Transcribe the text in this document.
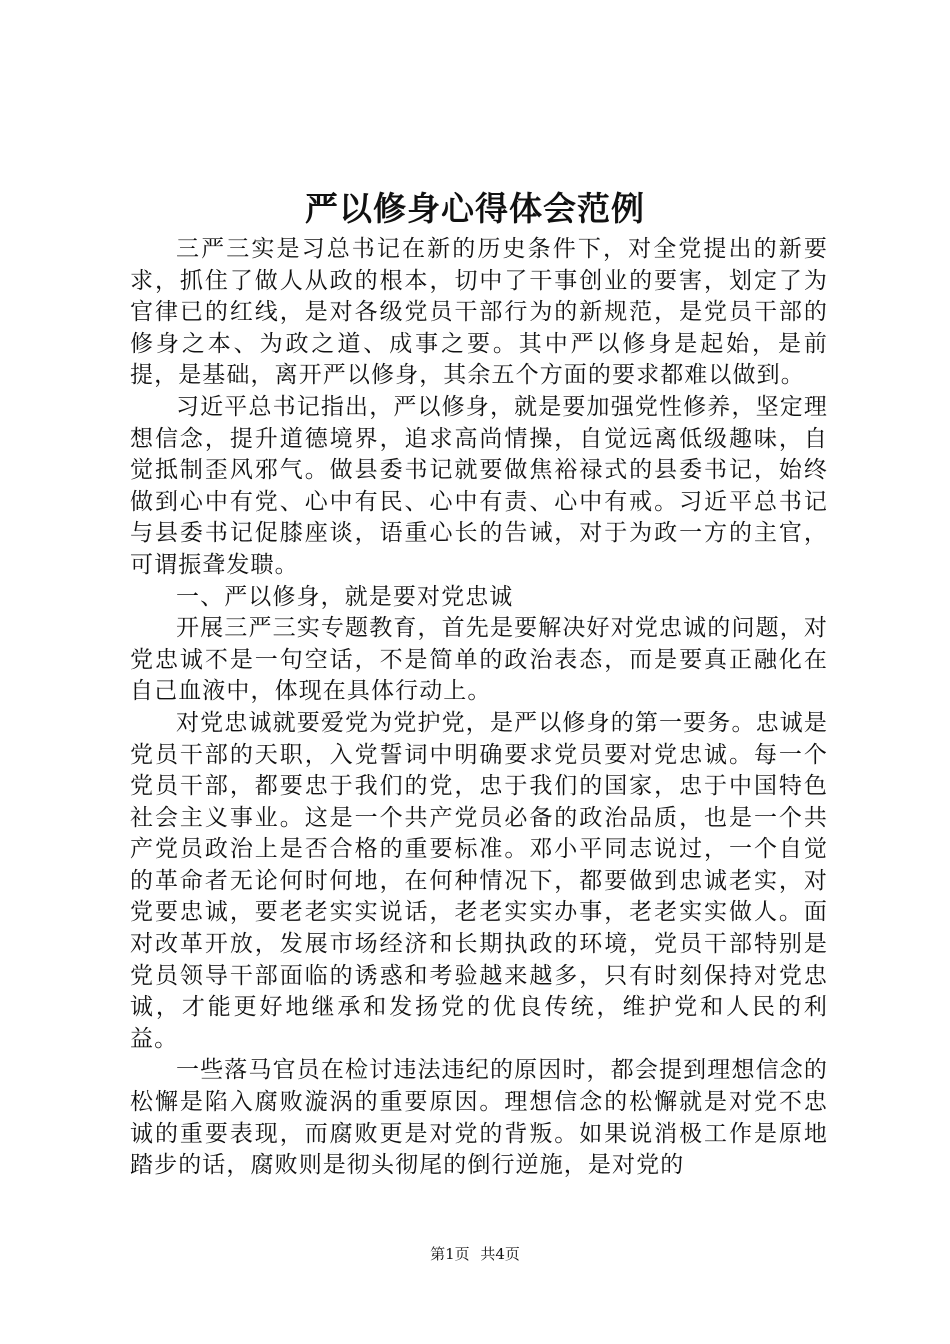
严以修身心得体会范例

三严三实是习总书记在新的历史条件下，对全党提出的新要求，抓住了做人从政的根本，切中了干事创业的要害，划定了为官律已的红线，是对各级党员干部行为的新规范，是党员干部的修身之本、为政之道、成事之要。其中严以修身是起始，是前提，是基础，离开严以修身，其余五个方面的要求都难以做到。

习近平总书记指出，严以修身，就是要加强党性修养，坚定理想信念，提升道德境界，追求高尚情操，自觉远离低级趣味，自觉抵制歪风邪气。做县委书记就要做焦裕禄式的县委书记，始终做到心中有党、心中有民、心中有责、心中有戒。习近平总书记与县委书记促膝座谈，语重心长的告诫，对于为政一方的主官，可谓振聋发聩。

一、严以修身，就是要对党忠诚

开展三严三实专题教育，首先是要解决好对党忠诚的问题，对党忠诚不是一句空话，不是简单的政治表态，而是要真正融化在自己血液中，体现在具体行动上。

对党忠诚就要爱党为党护党，是严以修身的第一要务。忠诚是党员干部的天职，入党誓词中明确要求党员要对党忠诚。每一个党员干部，都要忠于我们的党，忠于我们的国家，忠于中国特色社会主义事业。这是一个共产党员必备的政治品质，也是一个共产党员政治上是否合格的重要标准。邓小平同志说过，一个自觉的革命者无论何时何地，在何种情况下，都要做到忠诚老实，对党要忠诚，要老老实实说话，老老实实办事，老老实实做人。面对改革开放，发展市场经济和长期执政的环境，党员干部特别是党员领导干部面临的诱惑和考验越来越多，只有时刻保持对党忠诚，才能更好地继承和发扬党的优良传统，维护党和人民的利益。

一些落马官员在检讨违法违纪的原因时，都会提到理想信念的松懈是陷入腐败漩涡的重要原因。理想信念的松懈就是对党不忠诚的重要表现，而腐败更是对党的背叛。如果说消极工作是原地踏步的话，腐败则是彻头彻尾的倒行逆施，是对党的

第1页 共4页
